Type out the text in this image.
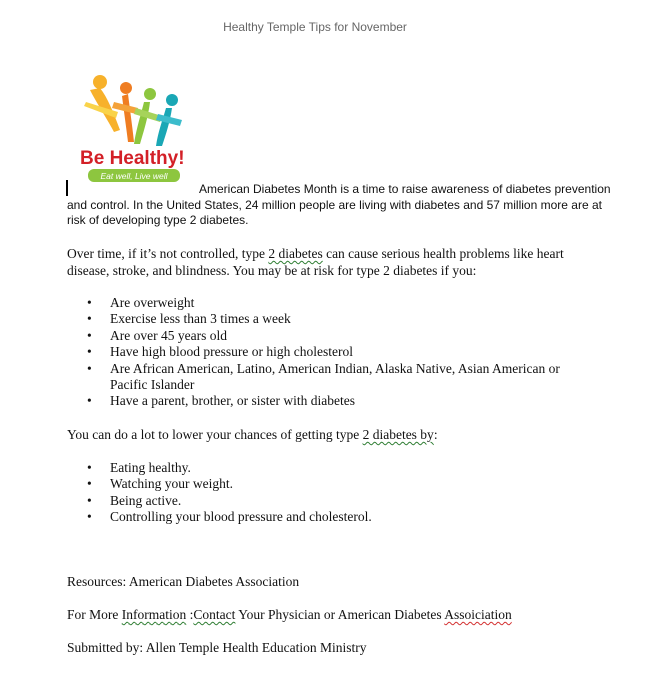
Healthy Temple Tips for November
Be Healthy!
Eat well, Live well
American Diabetes Month is a time to raise awareness of diabetes prevention
and control. In the United States, 24 million people are living with diabetes and 57 million more are at
risk of developing type 2 diabetes.
Over time, if it’s not controlled, type 2 diabetes can cause serious health problems like heart
disease, stroke, and blindness. You may be at risk for type 2 diabetes if you:
• Are overweight
• Exercise less than 3 times a week
• Are over 45 years old
• Have high blood pressure or high cholesterol
• Are African American, Latino, American Indian, Alaska Native, Asian American or Pacific Islander
• Have a parent, brother, or sister with diabetes
You can do a lot to lower your chances of getting type 2 diabetes by:
• Eating healthy.
• Watching your weight.
• Being active.
• Controlling your blood pressure and cholesterol.
Resources: American Diabetes Association
For More Information :Contact Your Physician or American Diabetes Assoiciation
Submitted by: Allen Temple Health Education Ministry
